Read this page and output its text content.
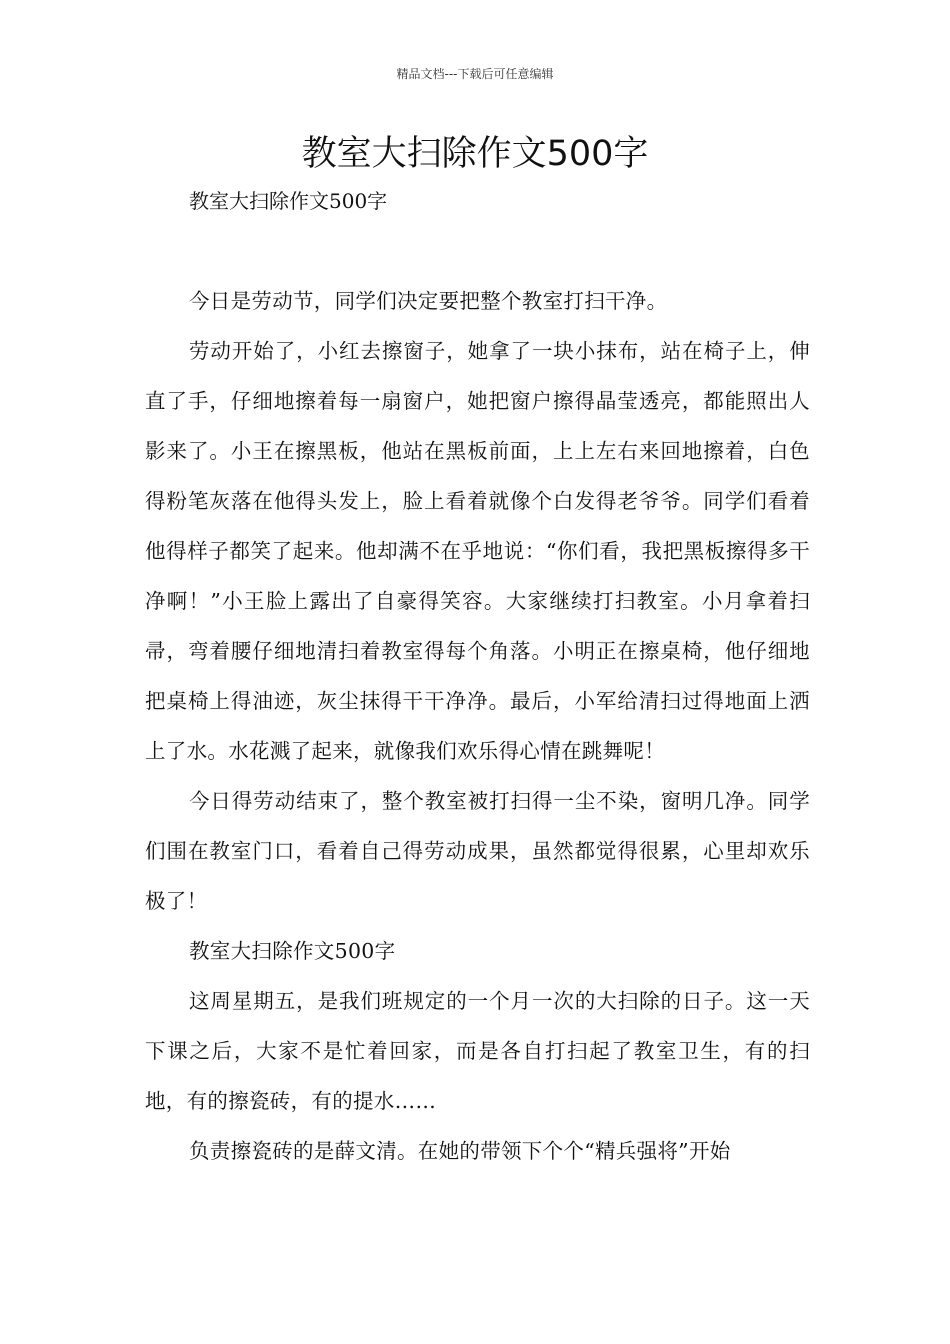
精品文档---下载后可任意编辑
教室大扫除作文500字

教室大扫除作文500字

今日是劳动节，同学们决定要把整个教室打扫干净。

劳动开始了，小红去擦窗子，她拿了一块小抹布，站在椅子上，伸直了手，仔细地擦着每一扇窗户，她把窗户擦得晶莹透亮，都能照出人影来了。小王在擦黑板，他站在黑板前面，上上左右来回地擦着，白色得粉笔灰落在他得头发上，脸上看着就像个白发得老爷爷。同学们看着他得样子都笑了起来。他却满不在乎地说：“你们看，我把黑板擦得多干净啊！”小王脸上露出了自豪得笑容。大家继续打扫教室。小月拿着扫帚，弯着腰仔细地清扫着教室得每个角落。小明正在擦桌椅，他仔细地把桌椅上得油迹，灰尘抹得干干净净。最后，小军给清扫过得地面上洒上了水。水花溅了起来，就像我们欢乐得心情在跳舞呢！

今日得劳动结束了，整个教室被打扫得一尘不染，窗明几净。同学们围在教室门口，看着自己得劳动成果，虽然都觉得很累，心里却欢乐极了！

教室大扫除作文500字

这周星期五，是我们班规定的一个月一次的大扫除的日子。这一天下课之后，大家不是忙着回家，而是各自打扫起了教室卫生，有的扫地，有的擦瓷砖，有的提水……

负责擦瓷砖的是薛文清。在她的带领下个个“精兵强将”开始
